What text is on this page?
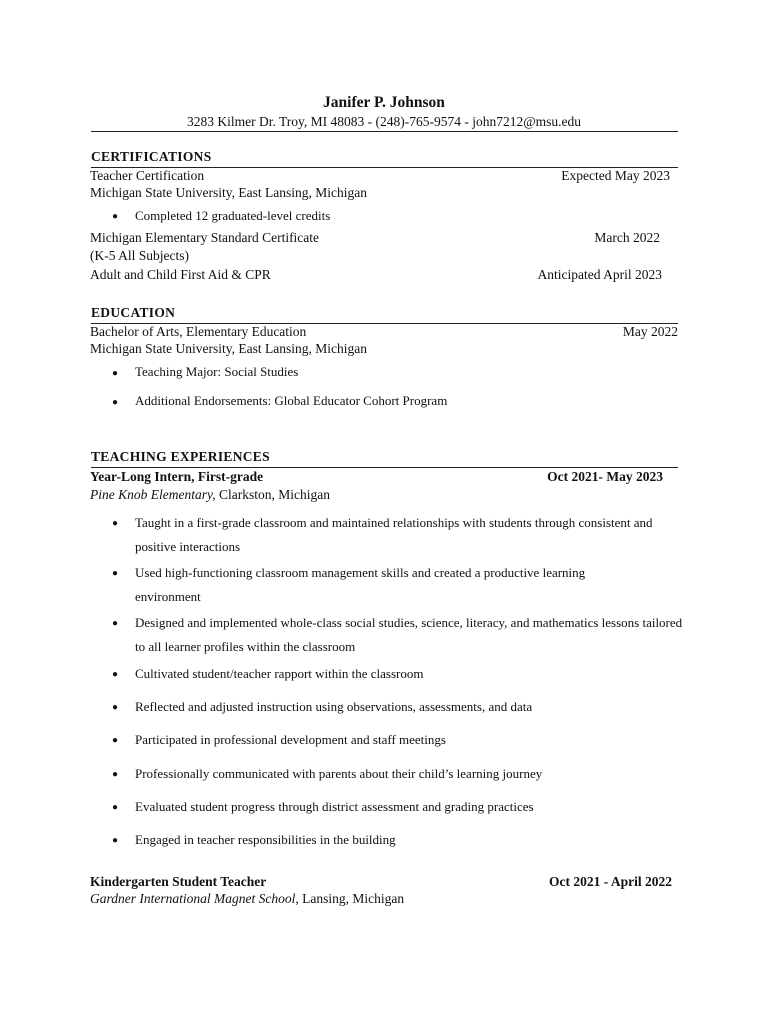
Janifer P. Johnson
3283 Kilmer Dr. Troy, MI 48083 - (248)-765-9574 - john7212@msu.edu
CERTIFICATIONS
Teacher Certification	Expected May 2023
Michigan State University, East Lansing, Michigan
● Completed 12 graduated-level credits
Michigan Elementary Standard Certificate	March 2022
(K-5 All Subjects)
Adult and Child First Aid & CPR	Anticipated April 2023
EDUCATION
Bachelor of Arts, Elementary Education	May 2022
Michigan State University, East Lansing, Michigan
● Teaching Major: Social Studies
● Additional Endorsements: Global Educator Cohort Program
TEACHING EXPERIENCES
Year-Long Intern, First-grade	Oct 2021- May 2023
Pine Knob Elementary, Clarkston, Michigan
● Taught in a first-grade classroom and maintained relationships with students through consistent and positive interactions
● Used high-functioning classroom management skills and created a productive learning environment
● Designed and implemented whole-class social studies, science, literacy, and mathematics lessons tailored to all learner profiles within the classroom
● Cultivated student/teacher rapport within the classroom
● Reflected and adjusted instruction using observations, assessments, and data
● Participated in professional development and staff meetings
● Professionally communicated with parents about their child’s learning journey
● Evaluated student progress through district assessment and grading practices
● Engaged in teacher responsibilities in the building
Kindergarten Student Teacher	Oct 2021 - April 2022
Gardner International Magnet School, Lansing, Michigan
